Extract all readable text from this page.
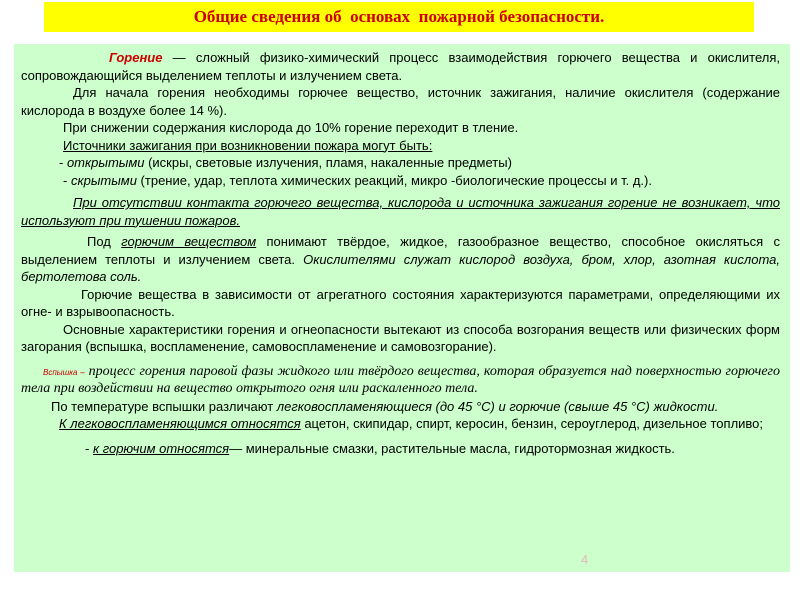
Общие сведения об  основах  пожарной безопасности.

Горение — сложный физико-химический процесс взаимодействия горючего вещества и окислителя, сопровождающийся выделением теплоты и излучением света.

Для начала горения необходимы горючее вещество, источник зажигания, наличие окислителя (содержание кислорода в воздухе более 14 %).

При снижении содержания кислорода до 10% горение переходит в тление.

Источники зажигания при возникновении пожара могут быть:

- открытыми (искры, световые излучения, пламя, накаленные предметы)

- скрытыми (трение, удар, теплота химических реакций, микро -биологические процессы и т. д.).

При отсутствии контакта горючего вещества, кислорода и источника зажигания горение не возникает, что используют при тушении пожаров.

Под горючим веществом понимают твёрдое, жидкое, газообразное вещество, способное окисляться с выделением теплоты и излучением света. Окислителями служат кислород воздуха, бром, хлор, азотная кислота, бертолетова соль.

Горючие вещества в зависимости от агрегатного состояния характеризуются параметрами, определяющими их огне- и взрывоопасность.

Основные характеристики горения и огнеопасности вытекают из способа возгорания веществ или физических форм загорания (вспышка, воспламенение, самовоспламенение и самовозгорание).

Вспышка – процесс горения паровой фазы жидкого или твёрдого вещества, которая образуется над поверхностью горючего тела при воздействии на вещество открытого огня или раскаленного тела.

По температуре вспышки различают легковоспламеняющиеся (до 45 °С) и горючие (свыше 45 °С) жидкости.

К легковоспламеняющимся относятся ацетон, скипидар, спирт, керосин, бензин, сероуглерод, дизельное топливо;

- к горючим относятся— минеральные смазки, растительные масла, гидротормозная жидкость.

4
